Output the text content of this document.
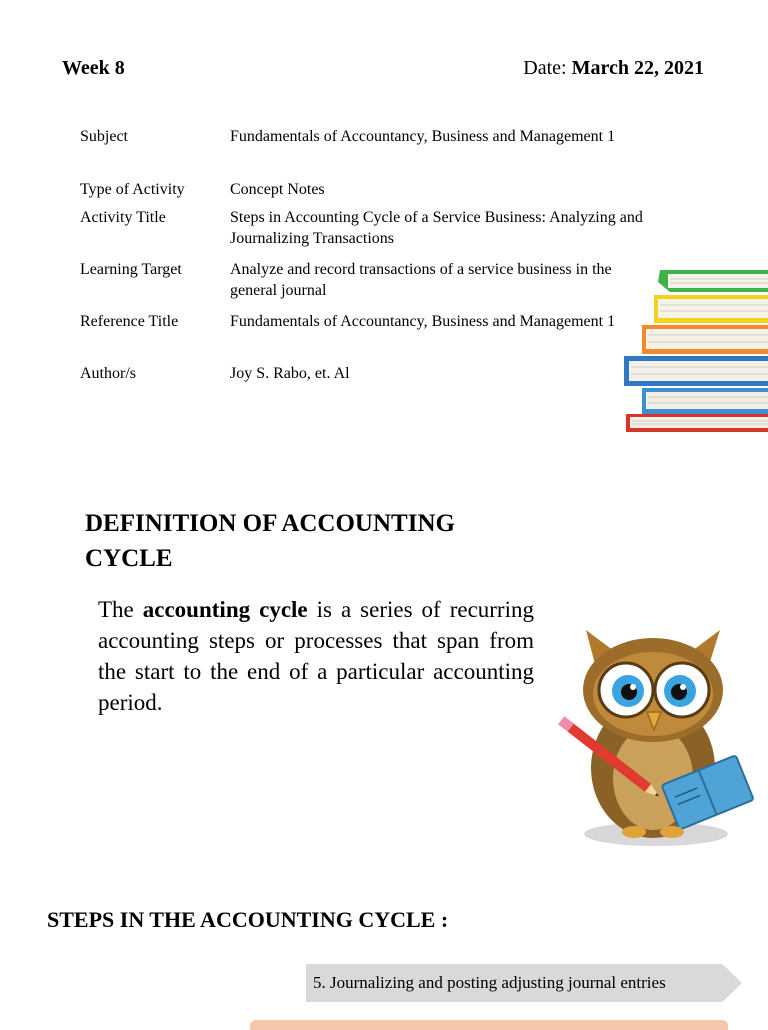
Week 8	Date: March 22, 2021
Subject	Fundamentals of Accountancy, Business and Management 1
Type of Activity	Concept Notes
Activity Title	Steps in Accounting Cycle of a Service Business: Analyzing and Journalizing Transactions
Learning Target	Analyze and record transactions of a service business in the general journal
Reference Title	Fundamentals of Accountancy, Business and Management 1
Author/s	Joy S. Rabo, et. Al
DEFINITION OF ACCOUNTING CYCLE
The accounting cycle is a series of recurring accounting steps or processes that span from the start to the end of a particular accounting period.
STEPS IN THE ACCOUNTING CYCLE :
5. Journalizing and posting adjusting journal entries
